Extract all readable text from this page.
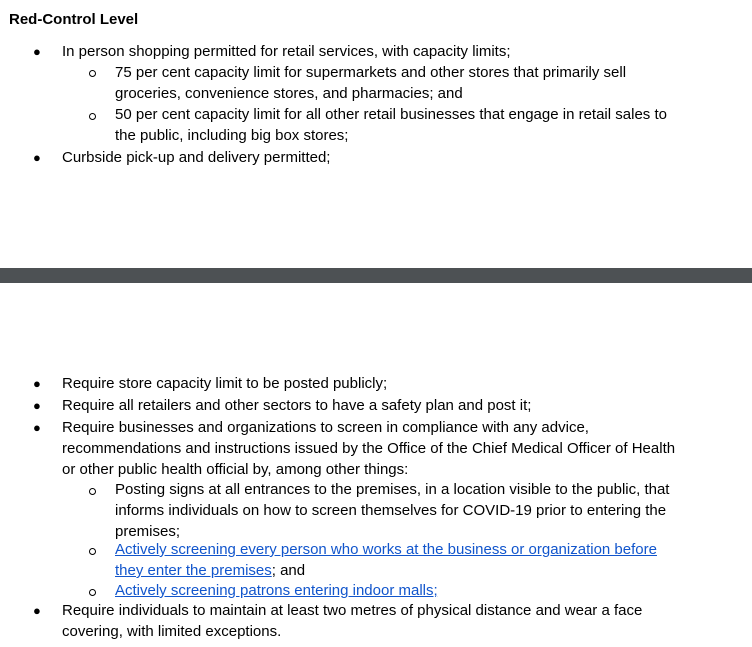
Red-Control Level
● In person shopping permitted for retail services, with capacity limits;
75 per cent capacity limit for supermarkets and other stores that primarily sell
groceries, convenience stores, and pharmacies; and
50 per cent capacity limit for all other retail businesses that engage in retail sales to
the public, including big box stores;
● Curbside pick-up and delivery permitted;
● Require store capacity limit to be posted publicly;
● Require all retailers and other sectors to have a safety plan and post it;
● Require businesses and organizations to screen in compliance with any advice,
recommendations and instructions issued by the Office of the Chief Medical Officer of Health
or other public health official by, among other things:
Posting signs at all entrances to the premises, in a location visible to the public, that
informs individuals on how to screen themselves for COVID-19 prior to entering the
premises;
Actively screening every person who works at the business or organization before
they enter the premises; and
Actively screening patrons entering indoor malls;
● Require individuals to maintain at least two metres of physical distance and wear a face
covering, with limited exceptions.
